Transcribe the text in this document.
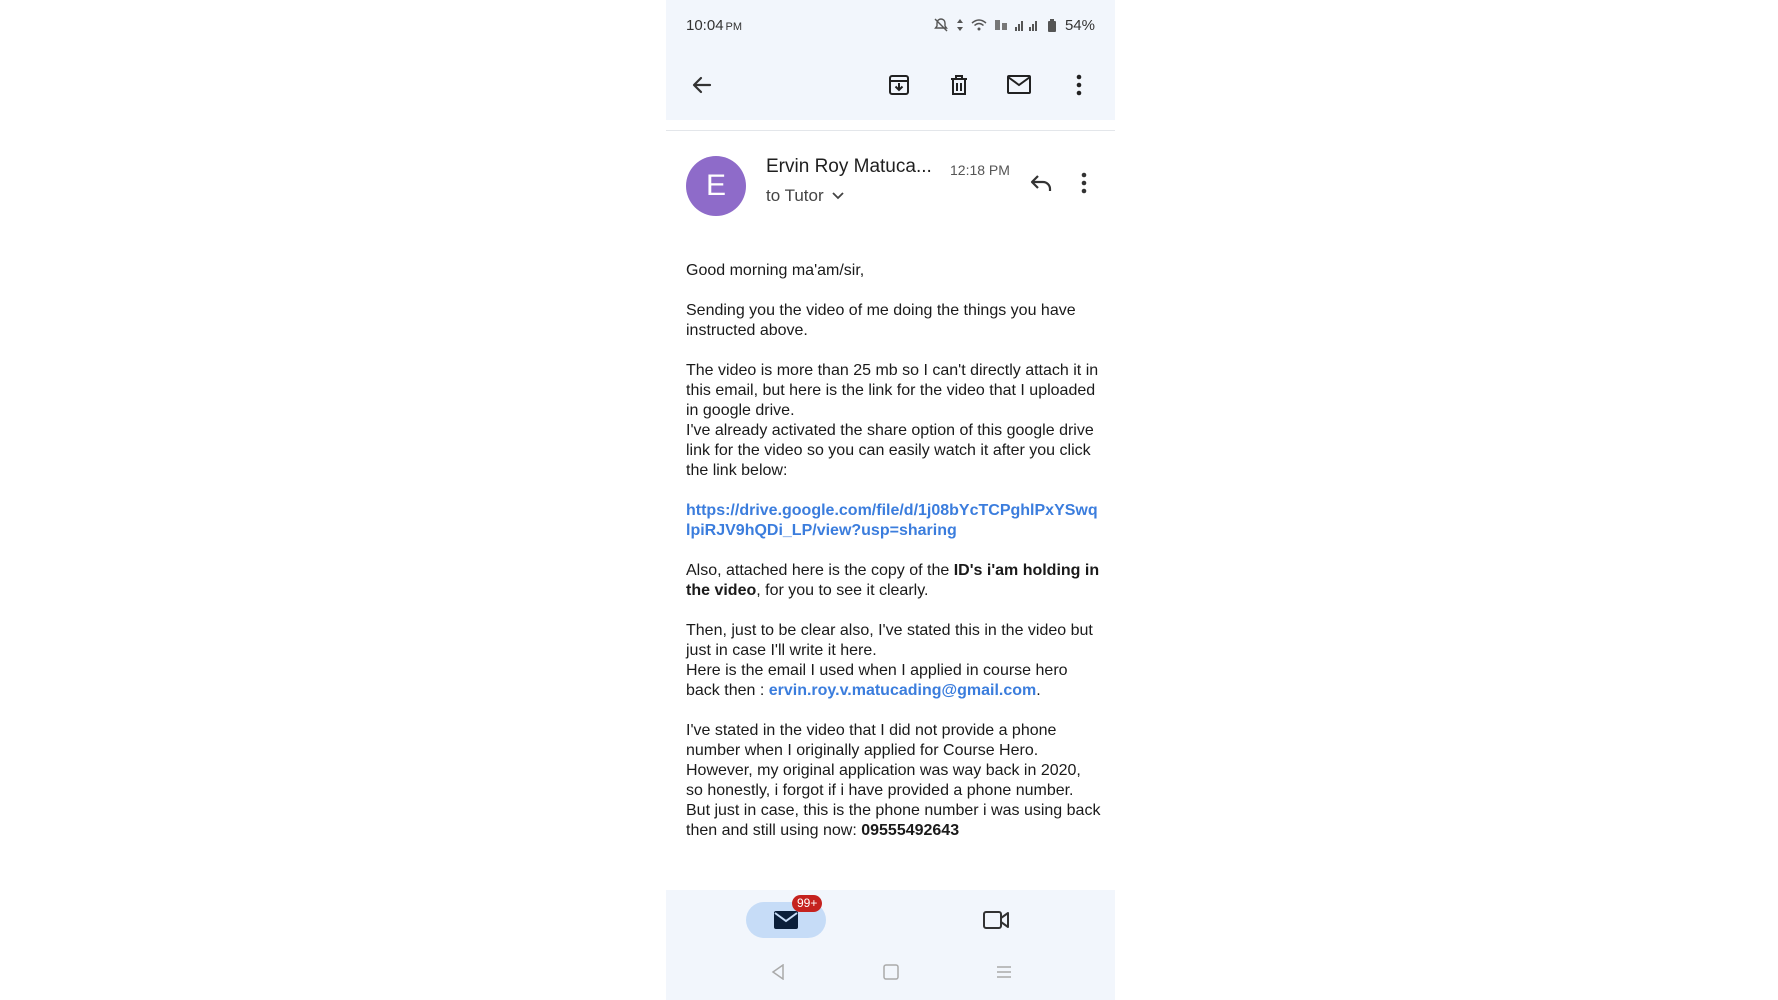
10:04 PM	54%
E
Ervin Roy Matuca... 12:18 PM
to Tutor

Good morning ma'am/sir,

Sending you the video of me doing the things you have instructed above.

The video is more than 25 mb so I can't directly attach it in this email, but here is the link for the video that I uploaded in google drive.
I've already activated the share option of this google drive link for the video so you can easily watch it after you click the link below:

https://drive.google.com/file/d/1j08bYcTCPghlPxYSwqlpiRJV9hQDi_LP/view?usp=sharing

Also, attached here is the copy of the ID's i'am holding in the video, for you to see it clearly.

Then, just to be clear also, I've stated this in the video but just in case I'll write it here.
Here is the email I used when I applied in course hero back then : ervin.roy.v.matucading@gmail.com.

I've stated in the video that I did not provide a phone number when I originally applied for Course Hero. However, my original application was way back in 2020, so honestly, i forgot if i have provided a phone number.
But just in case, this is the phone number i was using back then and still using now: 09555492643

99+
